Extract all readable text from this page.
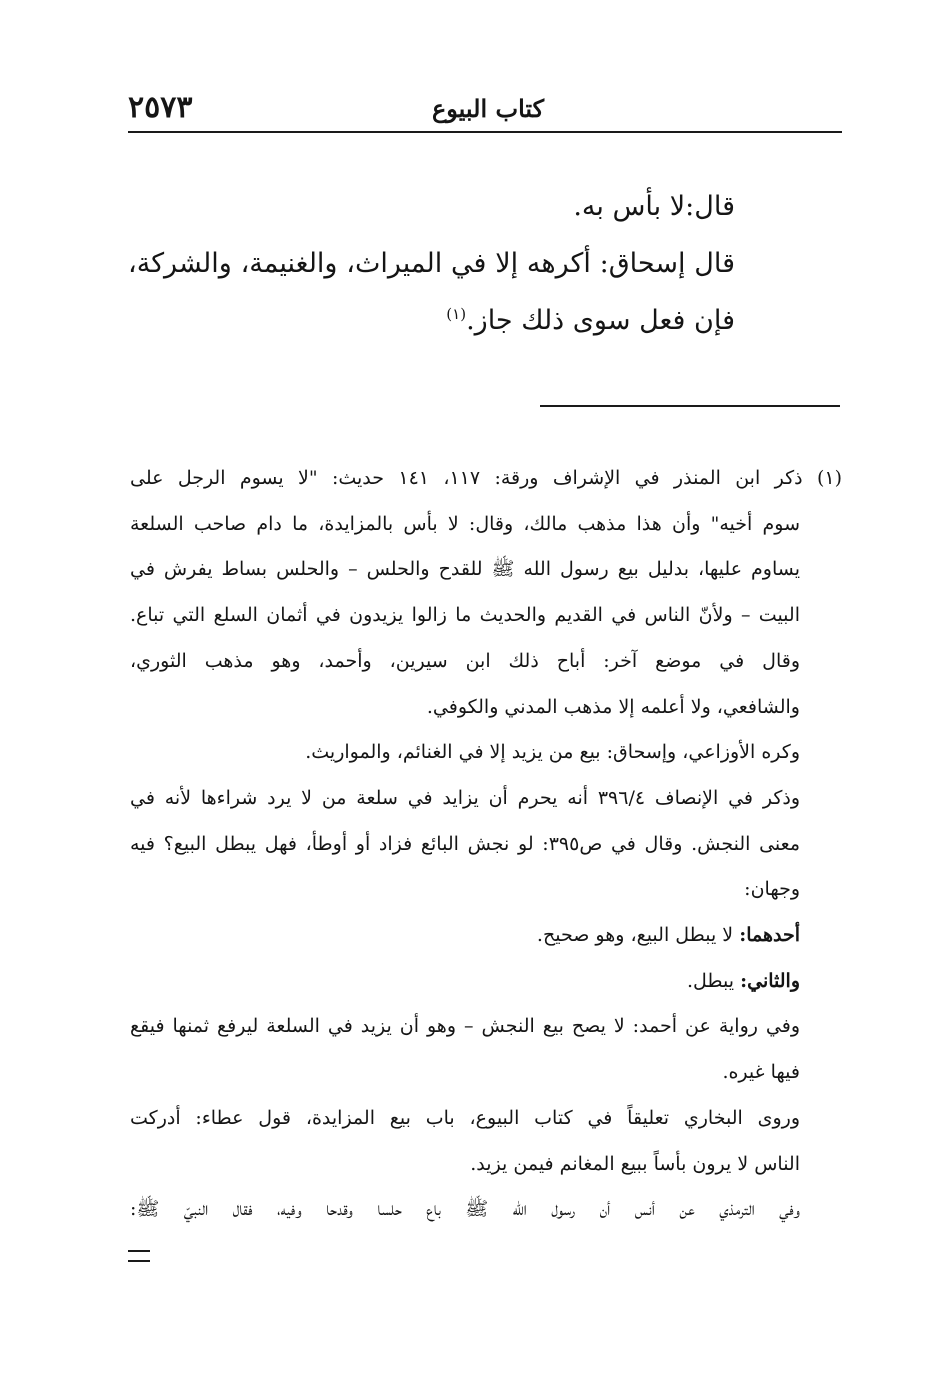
٢٥٧٣	كتاب البيوع

قال:لا بأس به.

قال إسحاق: أكرهه إلا في الميراث، والغنيمة، والشركة، فإن فعل سوى ذلك جاز.$^{(١)}$

(١) ذكر ابن المنذر في الإشراف ورقة: ١١٧، ١٤١ حديث: "لا يسوم الرجل على

سوم أخيه" وأن هذا مذهب مالك، وقال: لا بأس بالمزايدة، ما دام صاحب السلعة

يساوم عليها، بدليل بيع رسول الله ﷺ للقدح والحلس – والحلس بساط يفرش في

البيت – ولأنّ الناس في القديم والحديث ما زالوا يزيدون في أثمان السلع التي تباع.

وقال في موضع آخر: أباح ذلك ابن سيرين، وأحمد، وهو مذهب الثوري،

والشافعي، ولا أعلمه إلا مذهب المدني والكوفي.

وكره الأوزاعي، وإسحاق: بيع من يزيد إلا في الغنائم، والمواريث.

وذكر في الإنصاف ٣٩٦/٤ أنه يحرم أن يزايد في سلعة من لا يرد شراءها لأنه في

معنى النجش. وقال في ص٣٩٥: لو نجش البائع فزاد أو أوطأ، فهل يبطل البيع؟ فيه

وجهان:

أحدهما: لا يبطل البيع، وهو صحيح.

والثاني: يبطل.

وفي رواية عن أحمد: لا يصح بيع النجش – وهو أن يزيد في السلعة ليرفع ثمنها فيقع

فيها غيره.

وروى البخاري تعليقاً في كتاب البيوع، باب بيع المزايدة، قول عطاء: أدركت

الناس لا يرون بأساً ببيع المغانم فيمن يزيد.

وفي الترمذي عن أنس أن رسول الله ﷺ باع حلسا وقدحا وفيه، فقال النبيّ ﷺ:
